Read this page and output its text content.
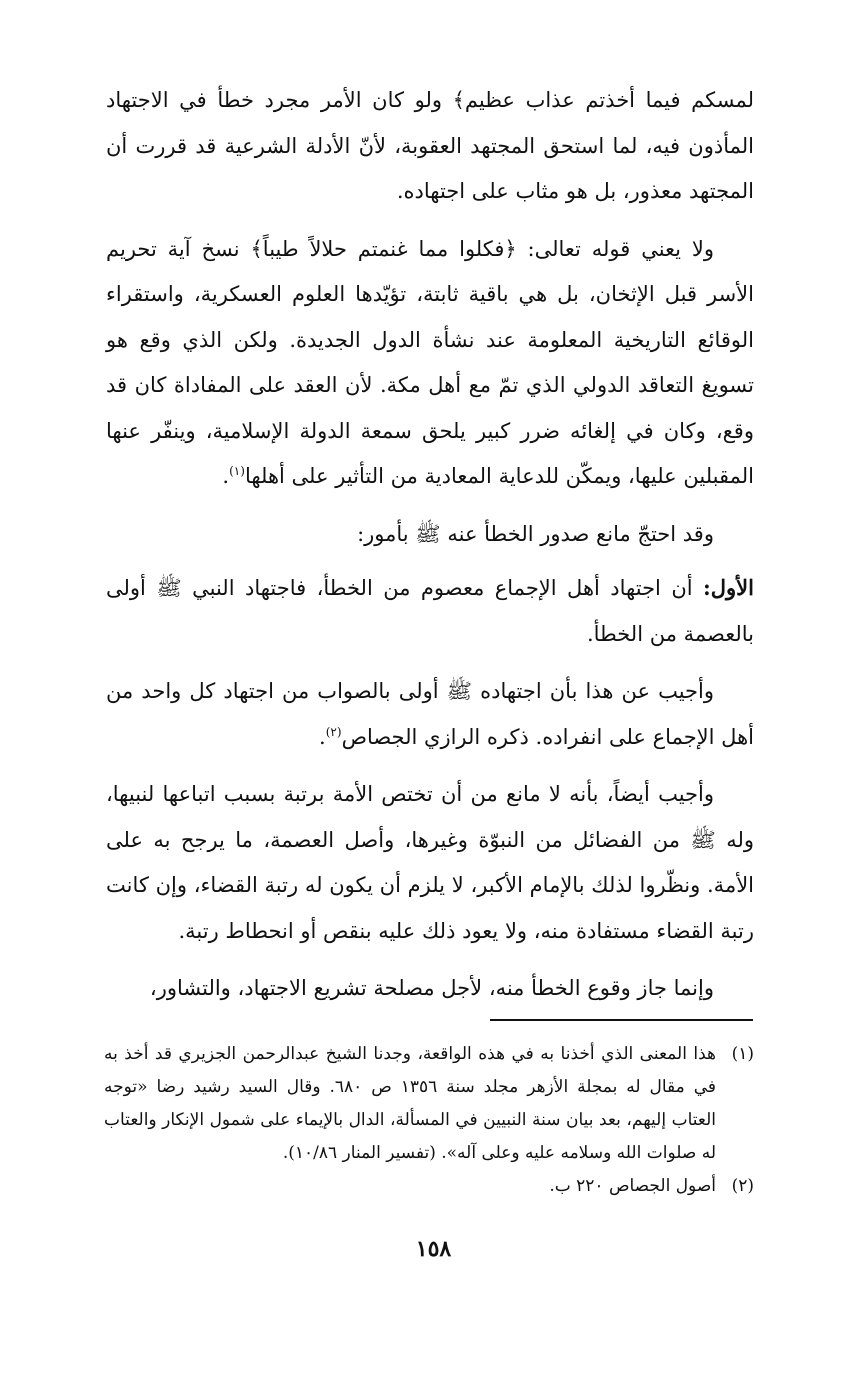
لمسكم فيما أخذتم عذاب عظيم﴾ ولو كان الأمر مجرد خطأ في الاجتهاد المأذون فيه، لما استحق المجتهد العقوبة، لأنّ الأدلة الشرعية قد قررت أن المجتهد معذور، بل هو مثاب على اجتهاده.

ولا يعني قوله تعالى: ﴿فكلوا مما غنمتم حلالاً طيباً﴾ نسخ آية تحريم الأسر قبل الإثخان، بل هي باقية ثابتة، تؤيّدها العلوم العسكرية، واستقراء الوقائع التاريخية المعلومة عند نشأة الدول الجديدة. ولكن الذي وقع هو تسويغ التعاقد الدولي الذي تمّ مع أهل مكة. لأن العقد على المفاداة كان قد وقع، وكان في إلغائه ضرر كبير يلحق سمعة الدولة الإسلامية، وينفّر عنها المقبلين عليها، ويمكّن للدعاية المعادية من التأثير على أهلها$^{(١)}$.

وقد احتجّ مانع صدور الخطأ عنه ﷺ بأمور:

الأول: أن اجتهاد أهل الإجماع معصوم من الخطأ، فاجتهاد النبي ﷺ أولى بالعصمة من الخطأ.

وأجيب عن هذا بأن اجتهاده ﷺ أولى بالصواب من اجتهاد كل واحد من أهل الإجماع على انفراده. ذكره الرازي الجصاص$^{(٢)}$.

وأجيب أيضاً، بأنه لا مانع من أن تختص الأمة برتبة بسبب اتباعها لنبيها، وله ﷺ من الفضائل من النبوّة وغيرها، وأصل العصمة، ما يرجح به على الأمة. ونظّروا لذلك بالإمام الأكبر، لا يلزم أن يكون له رتبة القضاء، وإن كانت رتبة القضاء مستفادة منه، ولا يعود ذلك عليه بنقص أو انحطاط رتبة.

وإنما جاز وقوع الخطأ منه، لأجل مصلحة تشريع الاجتهاد، والتشاور،

(١)
هذا المعنى الذي أخذنا به في هذه الواقعة، وجدنا الشيخ عبدالرحمن الجزيري قد أخذ به في مقال له بمجلة الأزهر مجلد سنة ١٣٥٦ ص ٦٨٠. وقال السيد رشيد رضا «توجه العتاب إليهم، بعد بيان سنة النبيين في المسألة، الدال بالإيماء على شمول الإنكار والعتاب له صلوات الله وسلامه عليه وعلى آله». (تفسير المنار ١٠/٨٦).
(٢)
أصول الجصاص ٢٢٠ ب.
١٥٨
